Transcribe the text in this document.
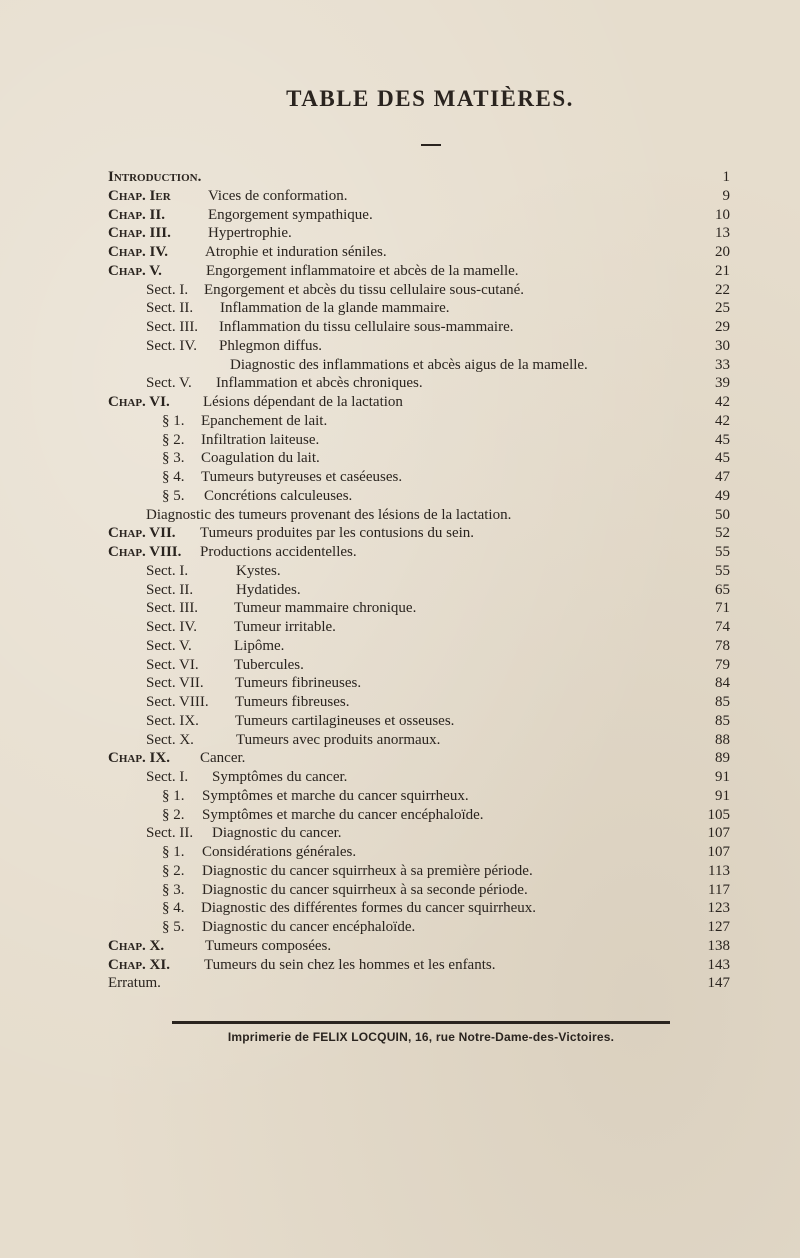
TABLE DES MATIÈRES.
Introduction.	1
Chap. Ier Vices de conformation.	9
Chap. II.	Engorgement sympathique.	10
Chap. III. Hypertrophie.	13
Chap. IV. Atrophie et induration séniles.	20
Chap. V.	Engorgement inflammatoire et abcès de la mamelle.	21
Sect. I. Engorgement et abcès du tissu cellulaire sous-cutané.	22
Sect. II. Inflammation de la glande mammaire.	25
Sect. III. Inflammation du tissu cellulaire sous-mammaire.	29
Sect. IV. Phlegmon diffus.	30
Diagnostic des inflammations et abcès aigus de la mamelle.	33
Sect. V. Inflammation et abcès chroniques.	39
Chap. VI. Lésions dépendant de la lactation	42
§ 1. Epanchement de lait.	42
§ 2. Infiltration laiteuse.	45
§ 3. Coagulation du lait.	45
§ 4. Tumeurs butyreuses et caséeuses.	47
§ 5. Concrétions calculeuses.	49
Diagnostic des tumeurs provenant des lésions de la lactation.	50
Chap. VII. Tumeurs produites par les contusions du sein.	52
Chap. VIII. Productions accidentelles.	55
Sect. I.	Kystes.	55
Sect. II.	Hydatides.	65
Sect. III. Tumeur mammaire chronique.	71
Sect. IV. Tumeur irritable.	74
Sect. V.	Lipôme.	78
Sect. VI. Tubercules.	79
Sect. VII. Tumeurs fibrineuses.	84
Sect. VIII. Tumeurs fibreuses.	85
Sect. IX. Tumeurs cartilagineuses et osseuses.	85
Sect. X.	Tumeurs avec produits anormaux.	88
Chap. IX. Cancer.	89
Sect. I. Symptômes du cancer.	91
§ 1. Symptômes et marche du cancer squirrheux.	91
§ 2. Symptômes et marche du cancer encéphaloïde.	105
Sect. II. Diagnostic du cancer.	107
§ 1. Considérations générales.	107
§ 2. Diagnostic du cancer squirrheux à sa première période.	113
§ 3. Diagnostic du cancer squirrheux à sa seconde période.	117
§ 4. Diagnostic des différentes formes du cancer squirrheux.	123
§ 5. Diagnostic du cancer encéphaloïde.	127
Chap. X.	Tumeurs composées.	138
Chap. XI. Tumeurs du sein chez les hommes et les enfants.	143
Erratum.	147
Imprimerie de FELIX LOCQUIN, 16, rue Notre-Dame-des-Victoires.
